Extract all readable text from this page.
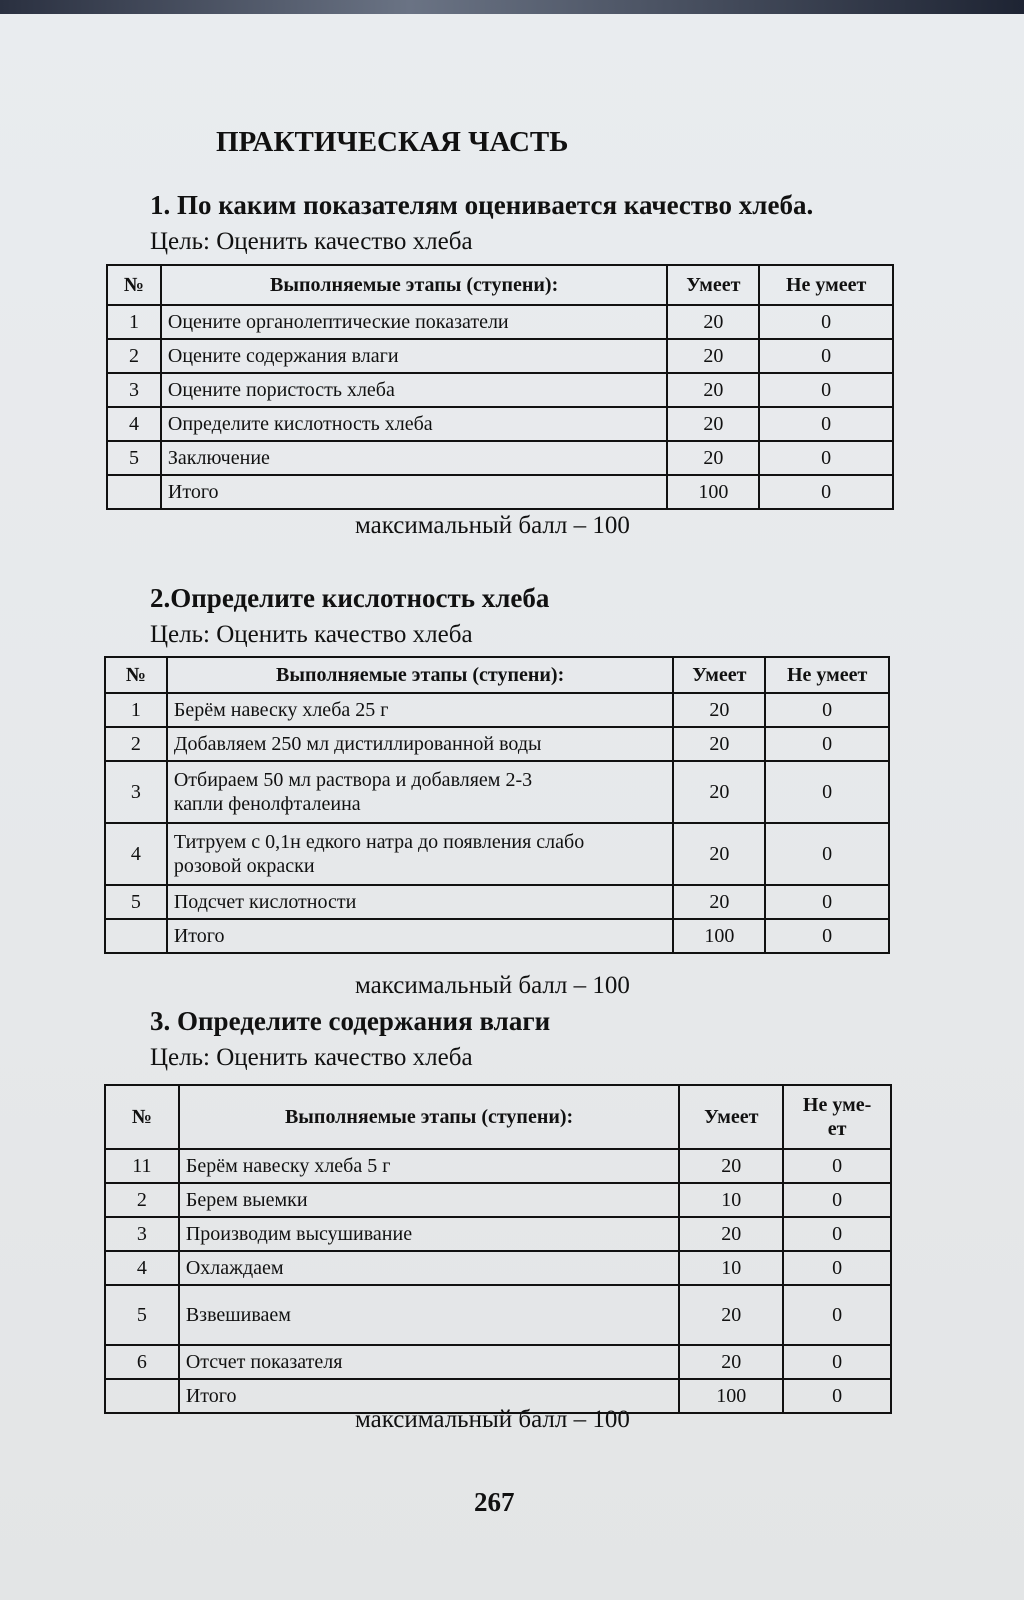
ПРАКТИЧЕСКАЯ ЧАСТЬ
1. По каким показателям оценивается качество хлеба.
Цель: Оценить качество хлеба
№	Выполняемые этапы (ступени):	Умеет	Не умеет
1	Оцените органолептические показатели	20	0
2	Оцените содержания влаги	20	0
3	Оцените пористость хлеба	20	0
4	Определите кислотность хлеба	20	0
5	Заключение	20	0
	Итого	100	0
максимальный балл – 100
2.Определите кислотность хлеба
Цель: Оценить качество хлеба
№	Выполняемые этапы (ступени):	Умеет	Не умеет
1	Берём навеску хлеба 25 г	20	0
2	Добавляем 250 мл дистиллированной воды	20	0
3	Отбираем 50 мл раствора и добавляем 2-3 капли фенолфталеина	20	0
4	Титруем с 0,1н едкого натра до появления слабо розовой окраски	20	0
5	Подсчет кислотности	20	0
	Итого	100	0
максимальный балл – 100
3. Определите содержания влаги
Цель: Оценить качество хлеба
№	Выполняемые этапы (ступени):	Умеет	Не уме-
ет

11	Берём навеску хлеба 5 г	20	0
2	Берем выемки	10	0
3	Производим высушивание	20	0
4	Охлаждаем	10	0
5	Взвешиваем	20	0
6	Отсчет показателя	20	0
	Итого	100	0
максимальный балл – 100
267
